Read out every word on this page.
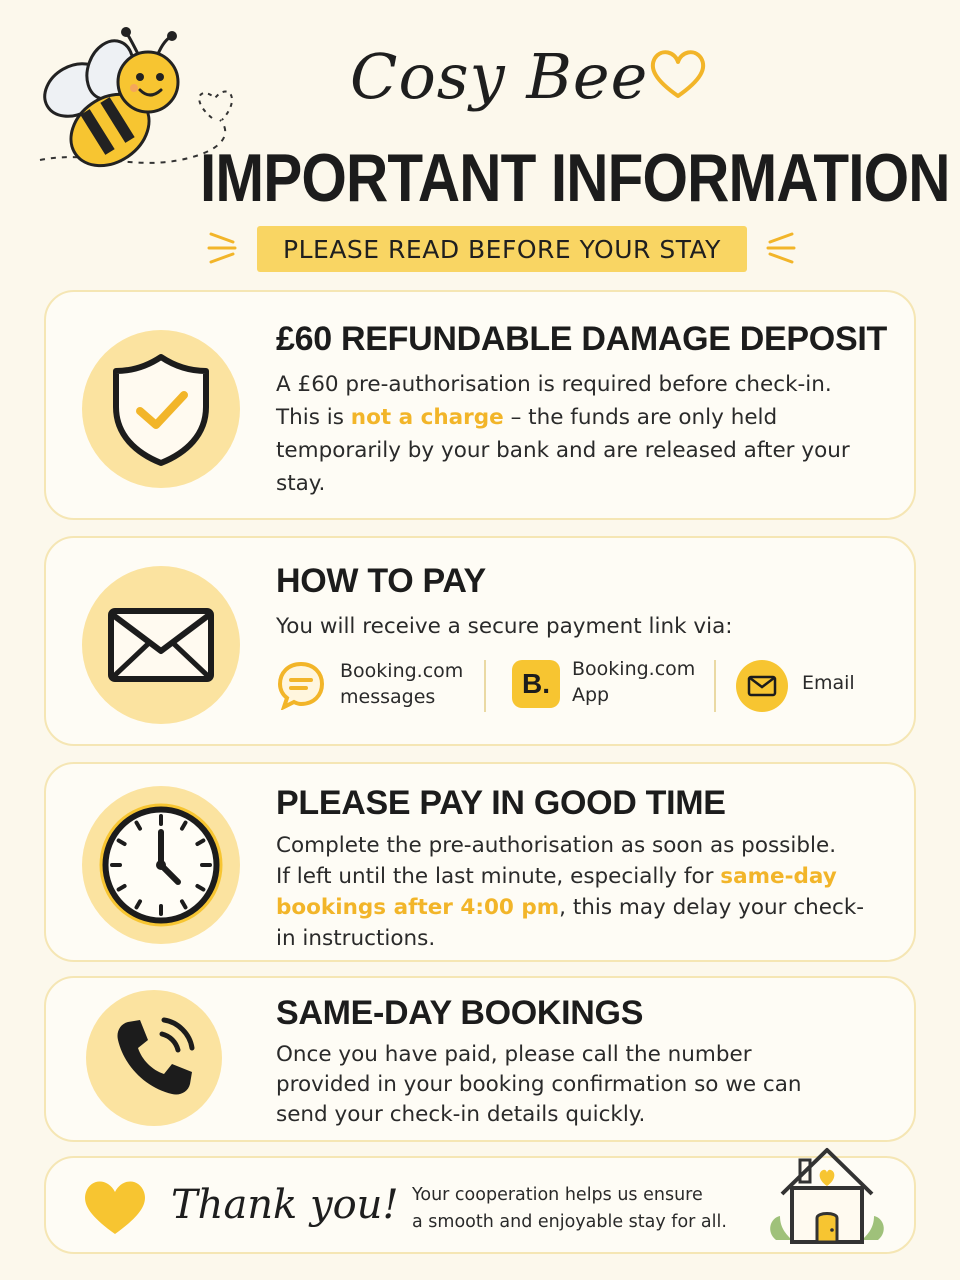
Cosy Bee
IMPORTANT INFORMATION
PLEASE READ BEFORE YOUR STAY
£60 REFUNDABLE DAMAGE DEPOSIT
A £60 pre-authorisation is required before check-in.
This is not a charge – the funds are only held temporarily by your bank and are released after your stay.
HOW TO PAY
You will receive a secure payment link via:
Booking.com
messages	B.	Booking.com
App
Email
PLEASE PAY IN GOOD TIME
Complete the pre-authorisation as soon as possible.
If left until the last minute, especially for same-day bookings after 4:00 pm, this may delay your check-in instructions.
SAME-DAY BOOKINGS
Once you have paid, please call the number provided in your booking confirmation so we can send your check-in details quickly.
Thank you! Your cooperation helps us ensure
a smooth and enjoyable stay for all.
